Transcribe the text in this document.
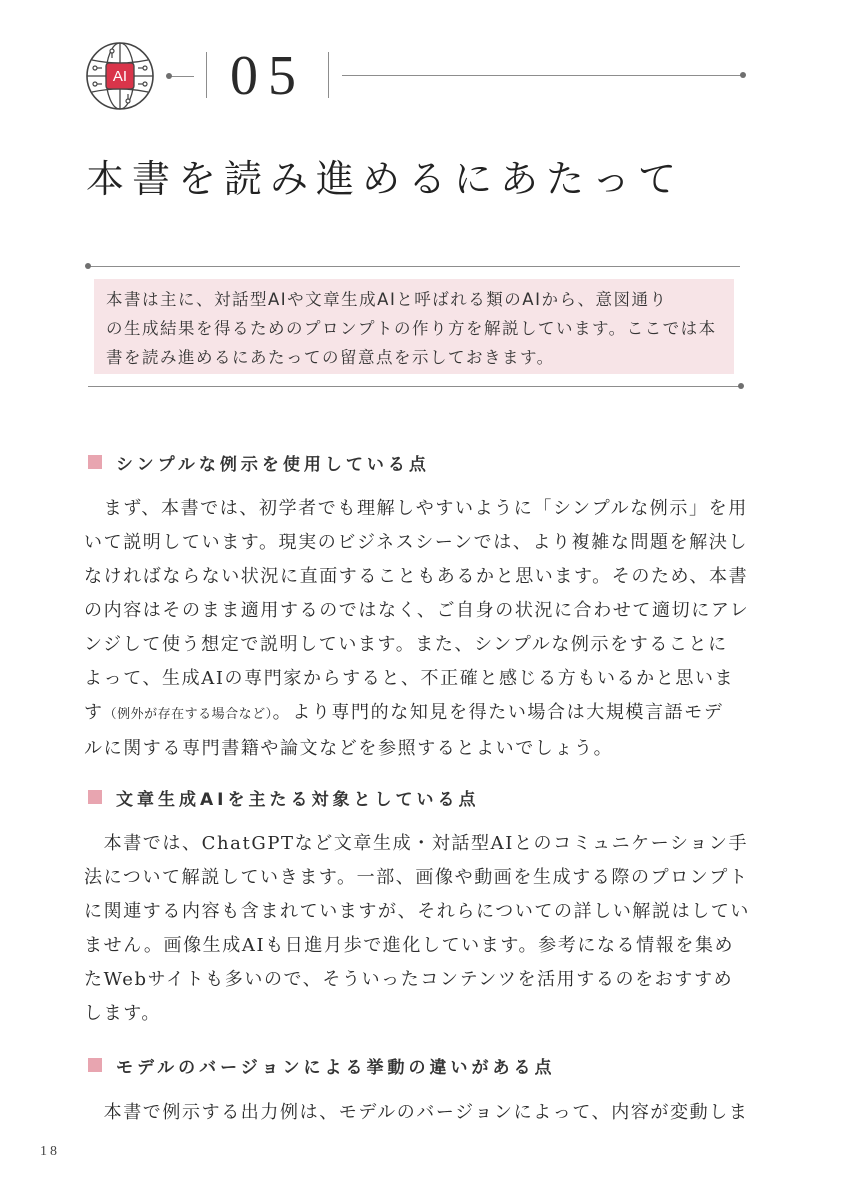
AI 05
本書を読み進めるにあたって
本書は主に、対話型AIや文章生成AIと呼ばれる類のAIから、意図通り
の生成結果を得るためのプロンプトの作り方を解説しています。ここでは本
書を読み進めるにあたっての留意点を示しておきます。
シンプルな例示を使用している点
　まず、本書では、初学者でも理解しやすいように「シンプルな例示」を用
いて説明しています。現実のビジネスシーンでは、より複雑な問題を解決し
なければならない状況に直面することもあるかと思います。そのため、本書
の内容はそのまま適用するのではなく、ご自身の状況に合わせて適切にアレ
ンジして使う想定で説明しています。また、シンプルな例示をすることに
よって、生成AIの専門家からすると、不正確と感じる方もいるかと思いま
す（例外が存在する場合など）。より専門的な知見を得たい場合は大規模言語モデ
ルに関する専門書籍や論文などを参照するとよいでしょう。
文章生成AIを主たる対象としている点
　本書では、ChatGPTなど文章生成・対話型AIとのコミュニケーション手
法について解説していきます。一部、画像や動画を生成する際のプロンプト
に関連する内容も含まれていますが、それらについての詳しい解説はしてい
ません。画像生成AIも日進月歩で進化しています。参考になる情報を集め
たWebサイトも多いので、そういったコンテンツを活用するのをおすすめ
します。
モデルのバージョンによる挙動の違いがある点
　本書で例示する出力例は、モデルのバージョンによって、内容が変動しま
18
